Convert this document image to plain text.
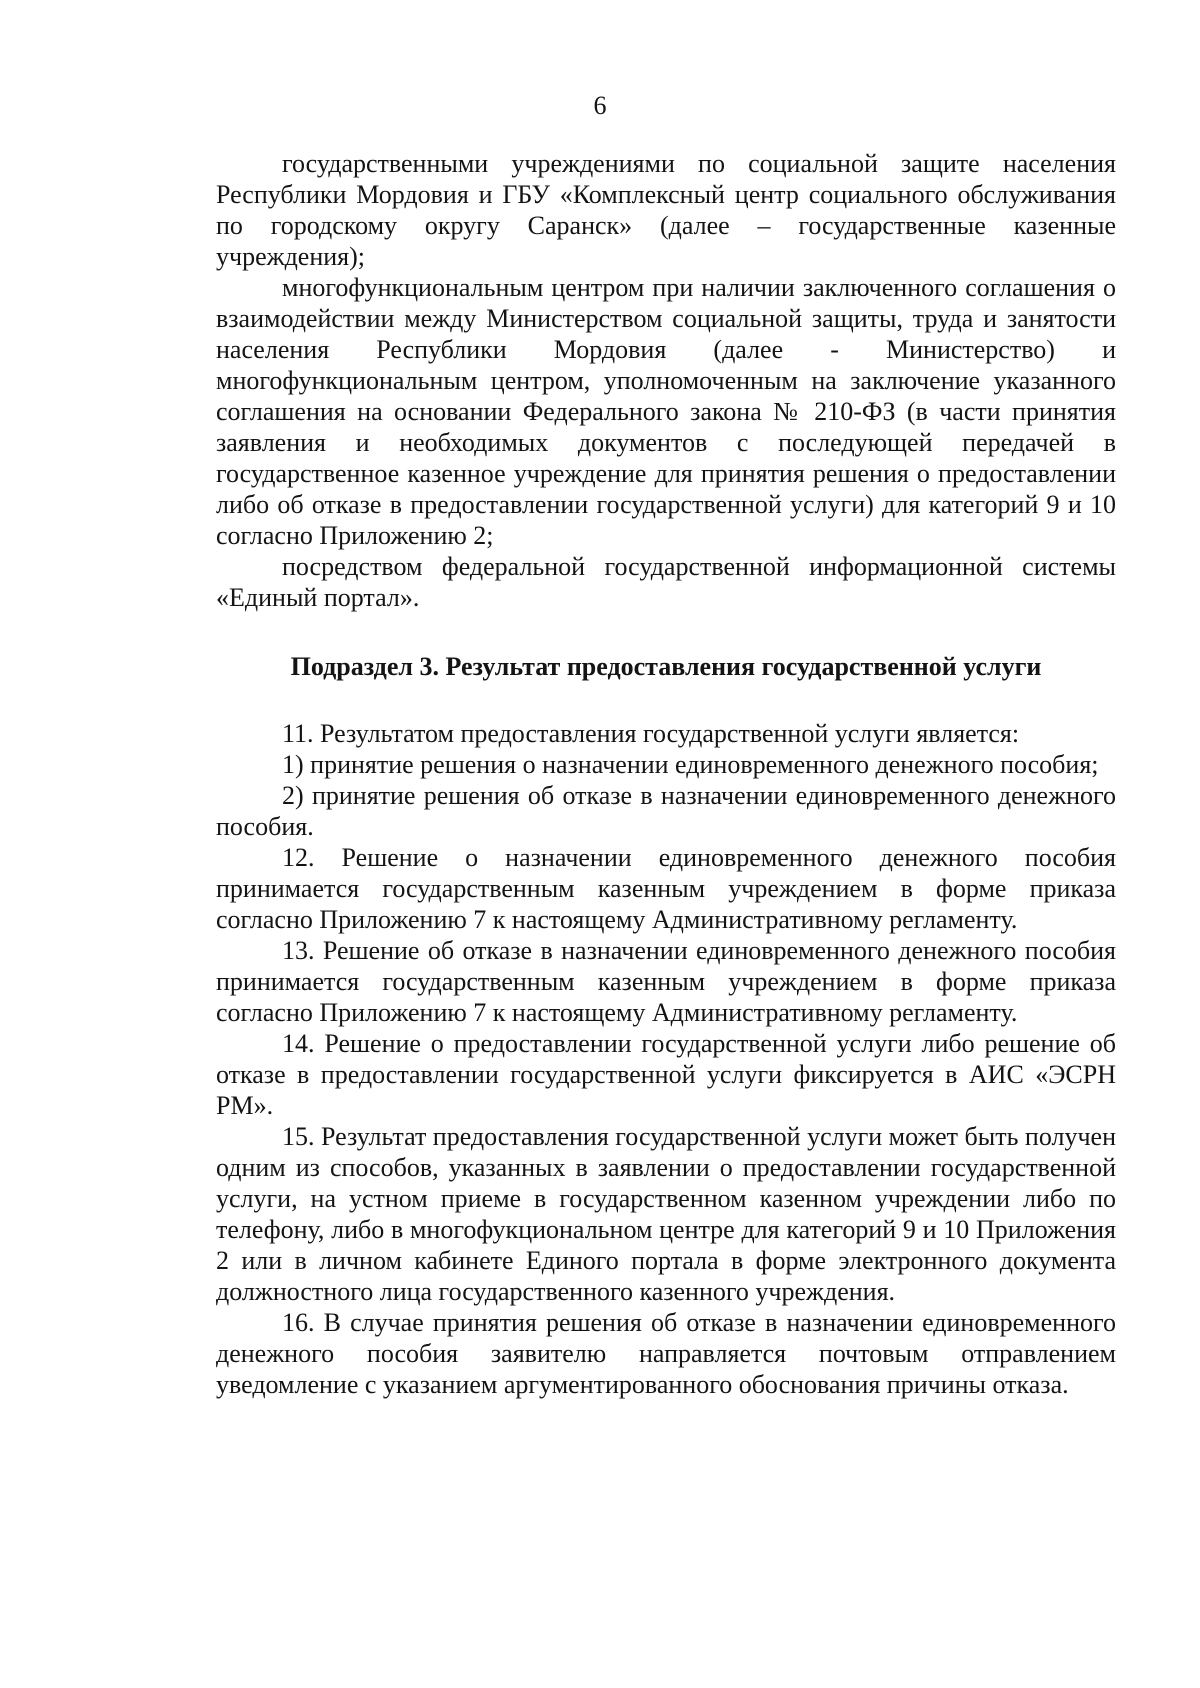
6

государственными учреждениями по социальной защите населения Республики Мордовия и ГБУ «Комплексный центр социального обслуживания по городскому округу Саранск» (далее – государственные казенные учреждения);

многофункциональным центром при наличии заключенного соглашения о взаимодействии между Министерством социальной защиты, труда и занятости населения Республики Мордовия (далее - Министерство) и многофункциональным центром, уполномоченным на заключение указанного соглашения на основании Федерального закона № 210-ФЗ (в части принятия заявления и необходимых документов с последующей передачей в государственное казенное учреждение для принятия решения о предоставлении либо об отказе в предоставлении государственной услуги) для категорий 9 и 10 согласно Приложению 2;

посредством федеральной государственной информационной системы «Единый портал».

Подраздел 3. Результат предоставления государственной услуги

11. Результатом предоставления государственной услуги является:

1) принятие решения о назначении единовременного денежного пособия;

2) принятие решения об отказе в назначении единовременного денежного пособия.

12. Решение о назначении единовременного денежного пособия принимается государственным казенным учреждением в форме приказа согласно Приложению 7 к настоящему Административному регламенту.

13. Решение об отказе в назначении единовременного денежного пособия принимается государственным казенным учреждением в форме приказа согласно Приложению 7 к настоящему Административному регламенту.

14. Решение о предоставлении государственной услуги либо решение об отказе в предоставлении государственной услуги фиксируется в АИС «ЭСРН РМ».

15. Результат предоставления государственной услуги может быть получен одним из способов, указанных в заявлении о предоставлении государственной услуги, на устном приеме в государственном казенном учреждении либо по телефону, либо в многофукциональном центре для категорий 9 и 10 Приложения 2 или в личном кабинете Единого портала в форме электронного документа должностного лица государственного казенного учреждения.

16. В случае принятия решения об отказе в назначении единовременного денежного пособия заявителю направляется почтовым отправлением уведомление с указанием аргументированного обоснования причины отказа.
